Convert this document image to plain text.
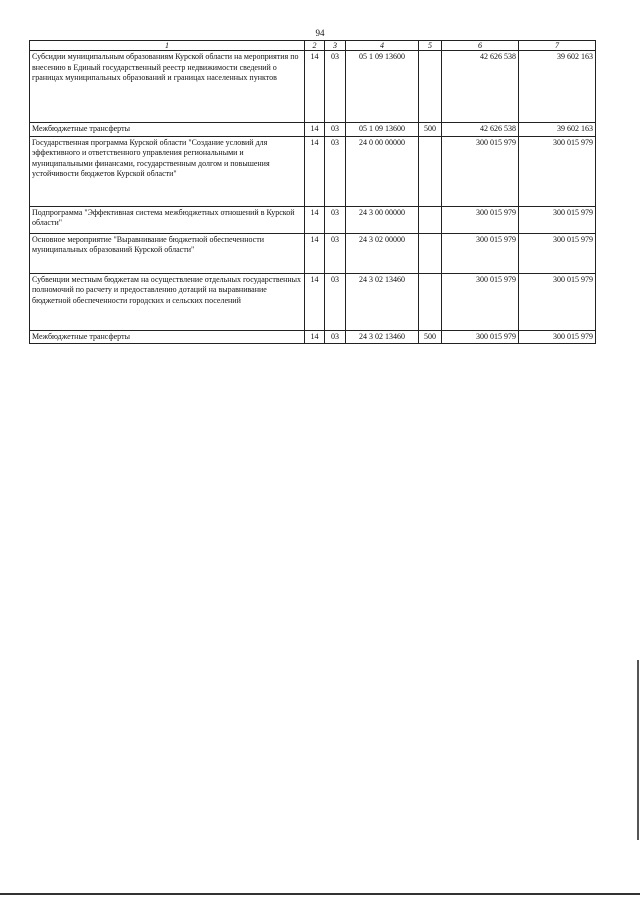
94
1	2	3	4	5	6	7
Субсидии муниципальным образованиям Курской области на мероприятия по внесению в Единый государственный реестр недвижимости сведений о границах муниципальных образований и границах населенных пунктов	14	03	05 1 09 13600		42 626 538	39 602 163
Межбюджетные трансферты	14	03	05 1 09 13600	500	42 626 538	39 602 163
Государственная программа Курской области "Создание условий для эффективного и ответственного управления региональными и муниципальными финансами, государственным долгом и повышения устойчивости бюджетов Курской области"	14	03	24 0 00 00000		300 015 979	300 015 979
Подпрограмма "Эффективная система межбюджетных отношений в Курской области"	14	03	24 3 00 00000		300 015 979	300 015 979
Основное мероприятие "Выравнивание бюджетной обеспеченности муниципальных образований Курской области"	14	03	24 3 02 00000		300 015 979	300 015 979
Субвенции местным бюджетам на осуществление отдельных государственных полномочий по расчету и предоставлению дотаций на выравнивание бюджетной обеспеченности городских и сельских поселений	14	03	24 3 02 13460		300 015 979	300 015 979
Межбюджетные трансферты	14	03	24 3 02 13460	500	300 015 979	300 015 979
